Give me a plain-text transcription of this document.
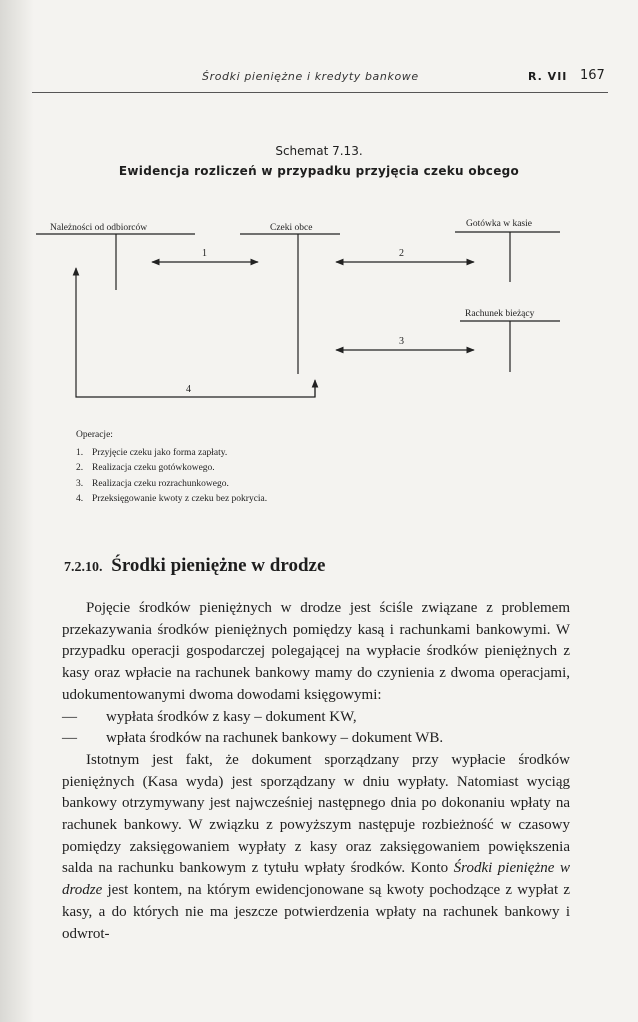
Środki pieniężne i kredyty bankowe	R. VII 167
Schemat 7.13.
Ewidencja rozliczeń w przypadku przyjęcia czeku obcego
Należności od odbiorców	Czeki obce	Gotówka w kasie
Rachunek bieżący
1	2
3
4
Operacje:
1. Przyjęcie czeku jako forma zapłaty.
2. Realizacja czeku gotówkowego.
3. Realizacja czeku rozrachunkowego.
4. Przeksięgowanie kwoty z czeku bez pokrycia.
7.2.10. Środki pieniężne w drodze

Pojęcie środków pieniężnych w drodze jest ściśle związane z problemem przekazywania środków pieniężnych pomiędzy kasą i rachunkami bankowymi. W przypadku operacji gospodarczej polegającej na wypłacie środków pieniężnych z kasy oraz wpłacie na rachunek bankowy mamy do czynienia z dwoma operacjami, udokumentowanymi dwoma dowodami księgowymi:

— wypłata środków z kasy – dokument KW,
— wpłata środków na rachunek bankowy – dokument WB.

Istotnym jest fakt, że dokument sporządzany przy wypłacie środków pieniężnych (Kasa wyda) jest sporządzany w dniu wypłaty. Natomiast wyciąg bankowy otrzymywany jest najwcześniej następnego dnia po dokonaniu wpłaty na rachunek bankowy. W związku z powyższym następuje rozbieżność w czasowy pomiędzy zaksięgowaniem wypłaty z kasy oraz zaksięgowaniem powiększenia salda na rachunku bankowym z tytułu wpłaty środków. Konto Środki pieniężne w drodze jest kontem, na którym ewidencjonowane są kwoty pochodzące z wypłat z kasy, a do których nie ma jeszcze potwierdzenia wpłaty na rachunek bankowy i odwrot-
